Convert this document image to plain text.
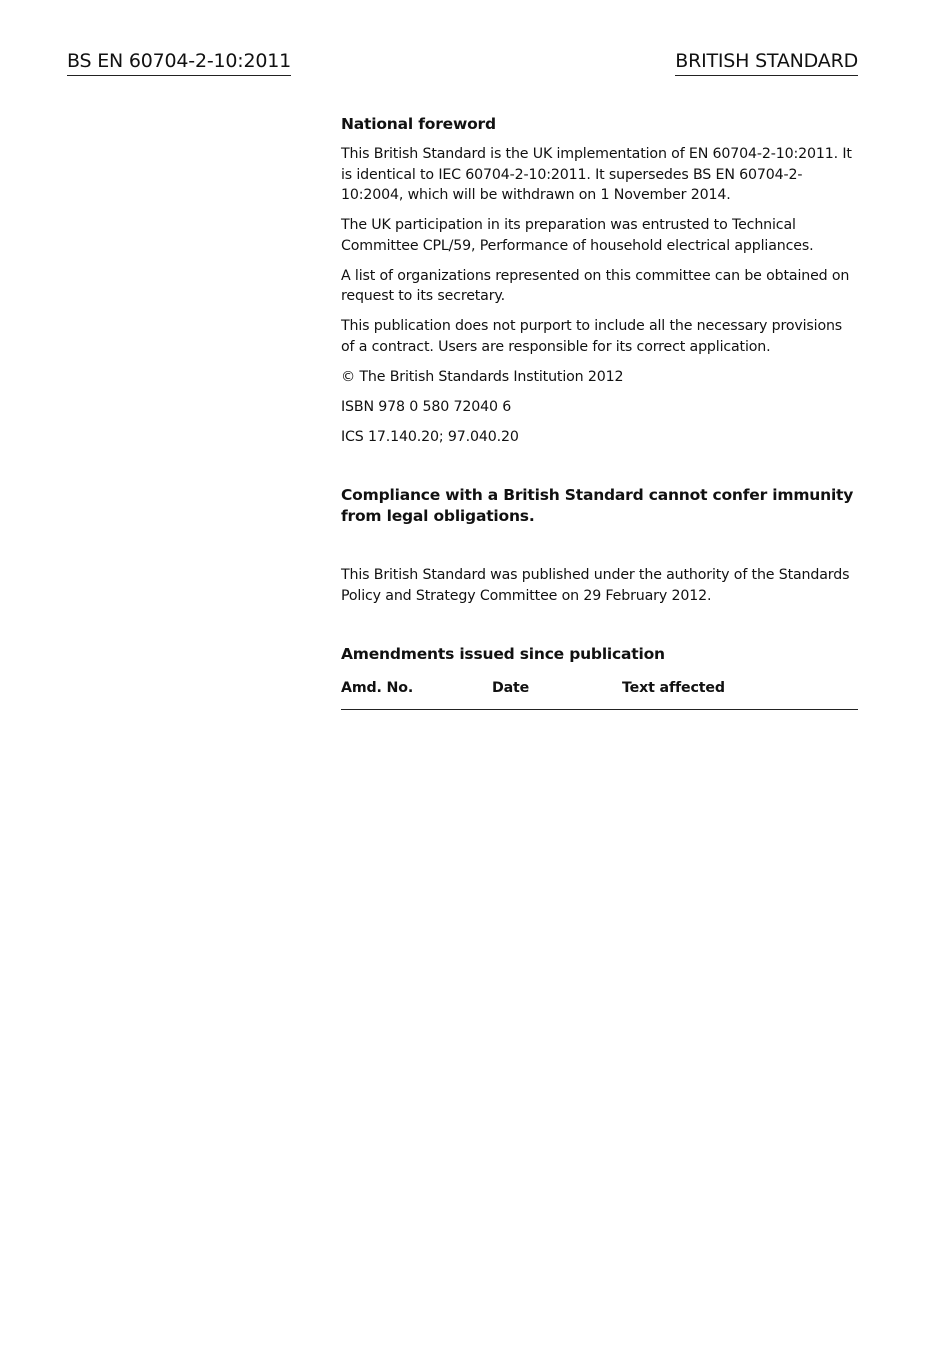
BS EN 60704-2-10:2011	BRITISH STANDARD
National foreword

This British Standard is the UK implementation of EN 60704-2-10:2011. It is identical to IEC 60704-2-10:2011. It supersedes BS EN 60704-2-10:2004, which will be withdrawn on 1 November 2014.

The UK participation in its preparation was entrusted to Technical Committee CPL/59, Performance of household electrical appliances.

A list of organizations represented on this committee can be obtained on request to its secretary.

This publication does not purport to include all the necessary provisions of a contract. Users are responsible for its correct application.

© The British Standards Institution 2012

ISBN 978 0 580 72040 6

ICS 17.140.20; 97.040.20

Compliance with a British Standard cannot confer immunity from legal obligations.

This British Standard was published under the authority of the Standards Policy and Strategy Committee on 29 February 2012.

Amendments issued since publication
Amd. No.	Date	Text affected
